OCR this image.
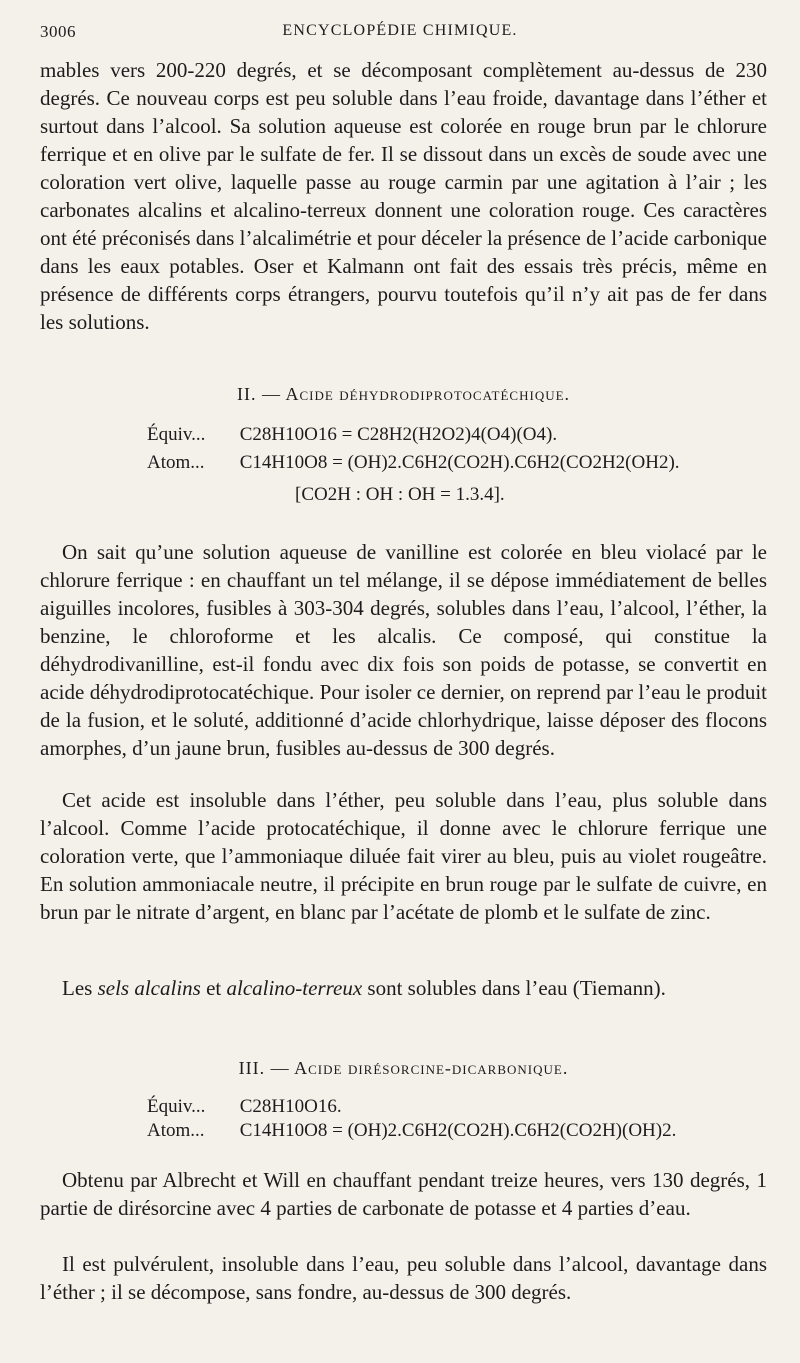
3006	ENCYCLOPÉDIE CHIMIQUE.

mables vers 200-220 degrés, et se décomposant complètement au-dessus de 230 degrés. Ce nouveau corps est peu soluble dans l’eau froide, davantage dans l’éther et surtout dans l’alcool. Sa solution aqueuse est colorée en rouge brun par le chlorure ferrique et en olive par le sulfate de fer. Il se dissout dans un excès de soude avec une coloration vert olive, laquelle passe au rouge carmin par une agitation à l’air ; les carbonates alcalins et alcalino-terreux donnent une coloration rouge. Ces caractères ont été préconisés dans l’alcalimétrie et pour déceler la présence de l’acide carbonique dans les eaux potables. Oser et Kalmann ont fait des essais très précis, même en présence de différents corps étrangers, pourvu toutefois qu’il n’y ait pas de fer dans les solutions.

II. — Acide déhydrodiprotocatéchique.
Équiv... C28H10O16 = C28H2(H2O2)4(O4)(O4).
Atom... C14H10O8 = (OH)2.C6H2(CO2H).C6H2(CO2H2(OH2).
[CO2H : OH : OH = 1.3.4].

On sait qu’une solution aqueuse de vanilline est colorée en bleu violacé par le chlorure ferrique : en chauffant un tel mélange, il se dépose immédiatement de belles aiguilles incolores, fusibles à 303-304 degrés, solubles dans l’eau, l’alcool, l’éther, la benzine, le chloroforme et les alcalis. Ce composé, qui constitue la déhydrodivanilline, est-il fondu avec dix fois son poids de potasse, se convertit en acide déhydrodiprotocatéchique. Pour isoler ce dernier, on reprend par l’eau le produit de la fusion, et le soluté, additionné d’acide chlorhydrique, laisse déposer des flocons amorphes, d’un jaune brun, fusibles au-dessus de 300 degrés.

Cet acide est insoluble dans l’éther, peu soluble dans l’eau, plus soluble dans l’alcool. Comme l’acide protocatéchique, il donne avec le chlorure ferrique une coloration verte, que l’ammoniaque diluée fait virer au bleu, puis au violet rougeâtre. En solution ammoniacale neutre, il précipite en brun rouge par le sulfate de cuivre, en brun par le nitrate d’argent, en blanc par l’acétate de plomb et le sulfate de zinc.

Les sels alcalins et alcalino-terreux sont solubles dans l’eau (Tiemann).

III. — Acide dirésorcine-dicarbonique.
Équiv... C28H10O16.
Atom... C14H10O8 = (OH)2.C6H2(CO2H).C6H2(CO2H)(OH)2.

Obtenu par Albrecht et Will en chauffant pendant treize heures, vers 130 degrés, 1 partie de dirésorcine avec 4 parties de carbonate de potasse et 4 parties d’eau.

Il est pulvérulent, insoluble dans l’eau, peu soluble dans l’alcool, davantage dans l’éther ; il se décompose, sans fondre, au-dessus de 300 degrés.
